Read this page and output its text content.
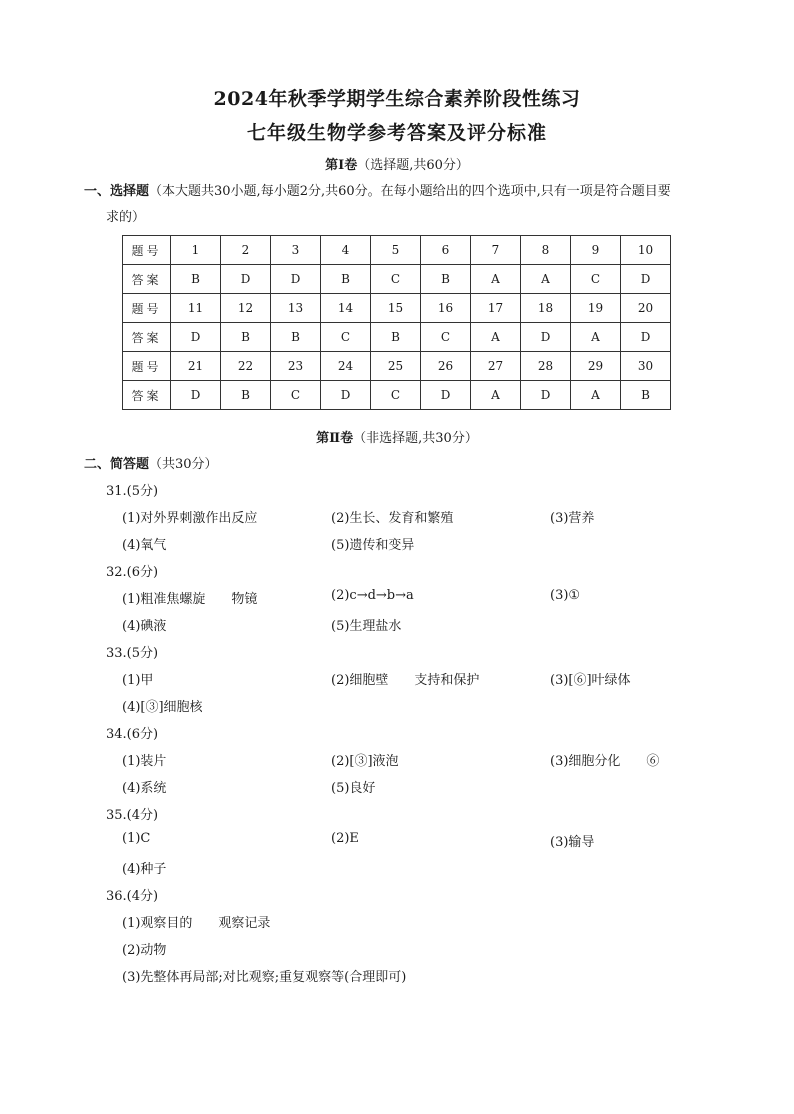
2024年秋季学期学生综合素养阶段性练习
七年级生物学参考答案及评分标准
第Ⅰ卷（选择题,共60分）
一、选择题（本大题共30小题,每小题2分,共60分。在每小题给出的四个选项中,只有一项是符合题目要
求的）
题号	1	2	3	4	5	6	7	8	9	10
答案	B	D	D	B	C	B	A	A	C	D
题号	11	12	13	14	15	16	17	18	19	20
答案	D	B	B	C	B	C	A	D	A	D
题号	21	22	23	24	25	26	27	28	29	30
答案	D	B	C	D	C	D	A	D	A	B
第Ⅱ卷（非选择题,共30分）
二、简答题（共30分）
31.(5分)
(1)对外界刺激作出反应	(2)生长、发育和繁殖	(3)营养
(4)氧气	(5)遗传和变异
32.(6分)
(1)粗准焦螺旋　　物镜	(2)c→d→b→a	(3)①
(4)碘液	(5)生理盐水
33.(5分)
(1)甲	(2)细胞壁　　支持和保护	(3)[⑥]叶绿体
(4)[③]细胞核
34.(6分)
(1)装片	(2)[③]液泡	(3)细胞分化　　⑥
(4)系统	(5)良好
35.(4分)
(1)C	(2)E	(3)输导
(4)种子
36.(4分)
(1)观察目的　　观察记录
(2)动物
(3)先整体再局部;对比观察;重复观察等(合理即可)
